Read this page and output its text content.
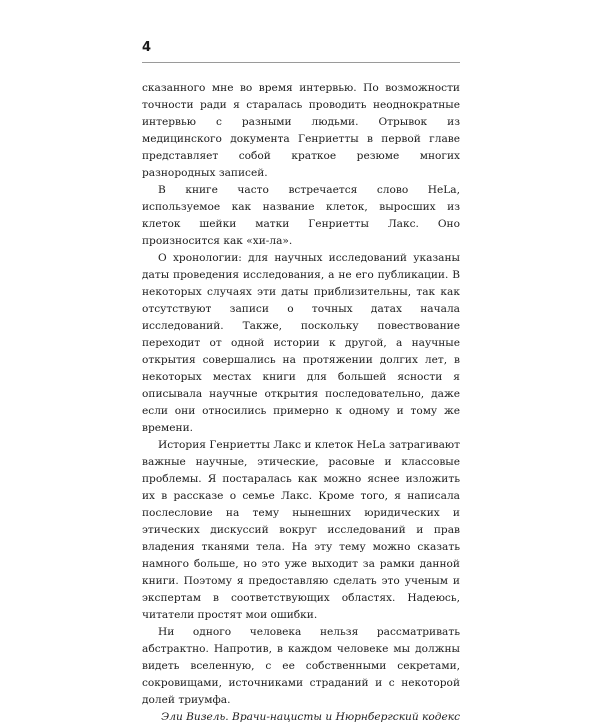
4

сказанного мне во время интервью. По возможности точности ради я старалась проводить неоднократные интервью с разными людьми. Отрывок из медицинского документа Генриетты в первой главе представляет собой краткое резюме многих разнородных записей.

В книге часто встречается слово HeLa, используемое как название клеток, выросших из клеток шейки матки Генриетты Лакс. Оно произносится как «хи-ла».

О хронологии: для научных исследований указаны даты проведения исследования, а не его публикации. В некоторых случаях эти даты приблизительны, так как отсутствуют записи о точных датах начала исследований. Также, поскольку повествование переходит от одной истории к другой, а научные открытия совершались на протяжении долгих лет, в некоторых местах книги для большей ясности я описывала научные открытия последовательно, даже если они относились примерно к одному и тому же времени.

История Генриетты Лакс и клеток HeLa затрагивают важные научные, этические, расовые и классовые проблемы. Я постаралась как можно яснее изложить их в рассказе о семье Лакс. Кроме того, я написала послесловие на тему нынешних юридических и этических дискуссий вокруг исследований и прав владения тканями тела. На эту тему можно сказать намного больше, но это уже выходит за рамки данной книги. Поэтому я предоставляю сделать это ученым и экспертам в соответствующих областях. Надеюсь, читатели простят мои ошибки.

Ни одного человека нельзя рассматривать абстрактно. Напротив, в каждом человеке мы должны видеть вселенную, с ее собственными секретами, сокровищами, источниками страданий и с некоторой долей триумфа.

Эли Визель. Врачи-нацисты и Нюрнбергский кодекс
